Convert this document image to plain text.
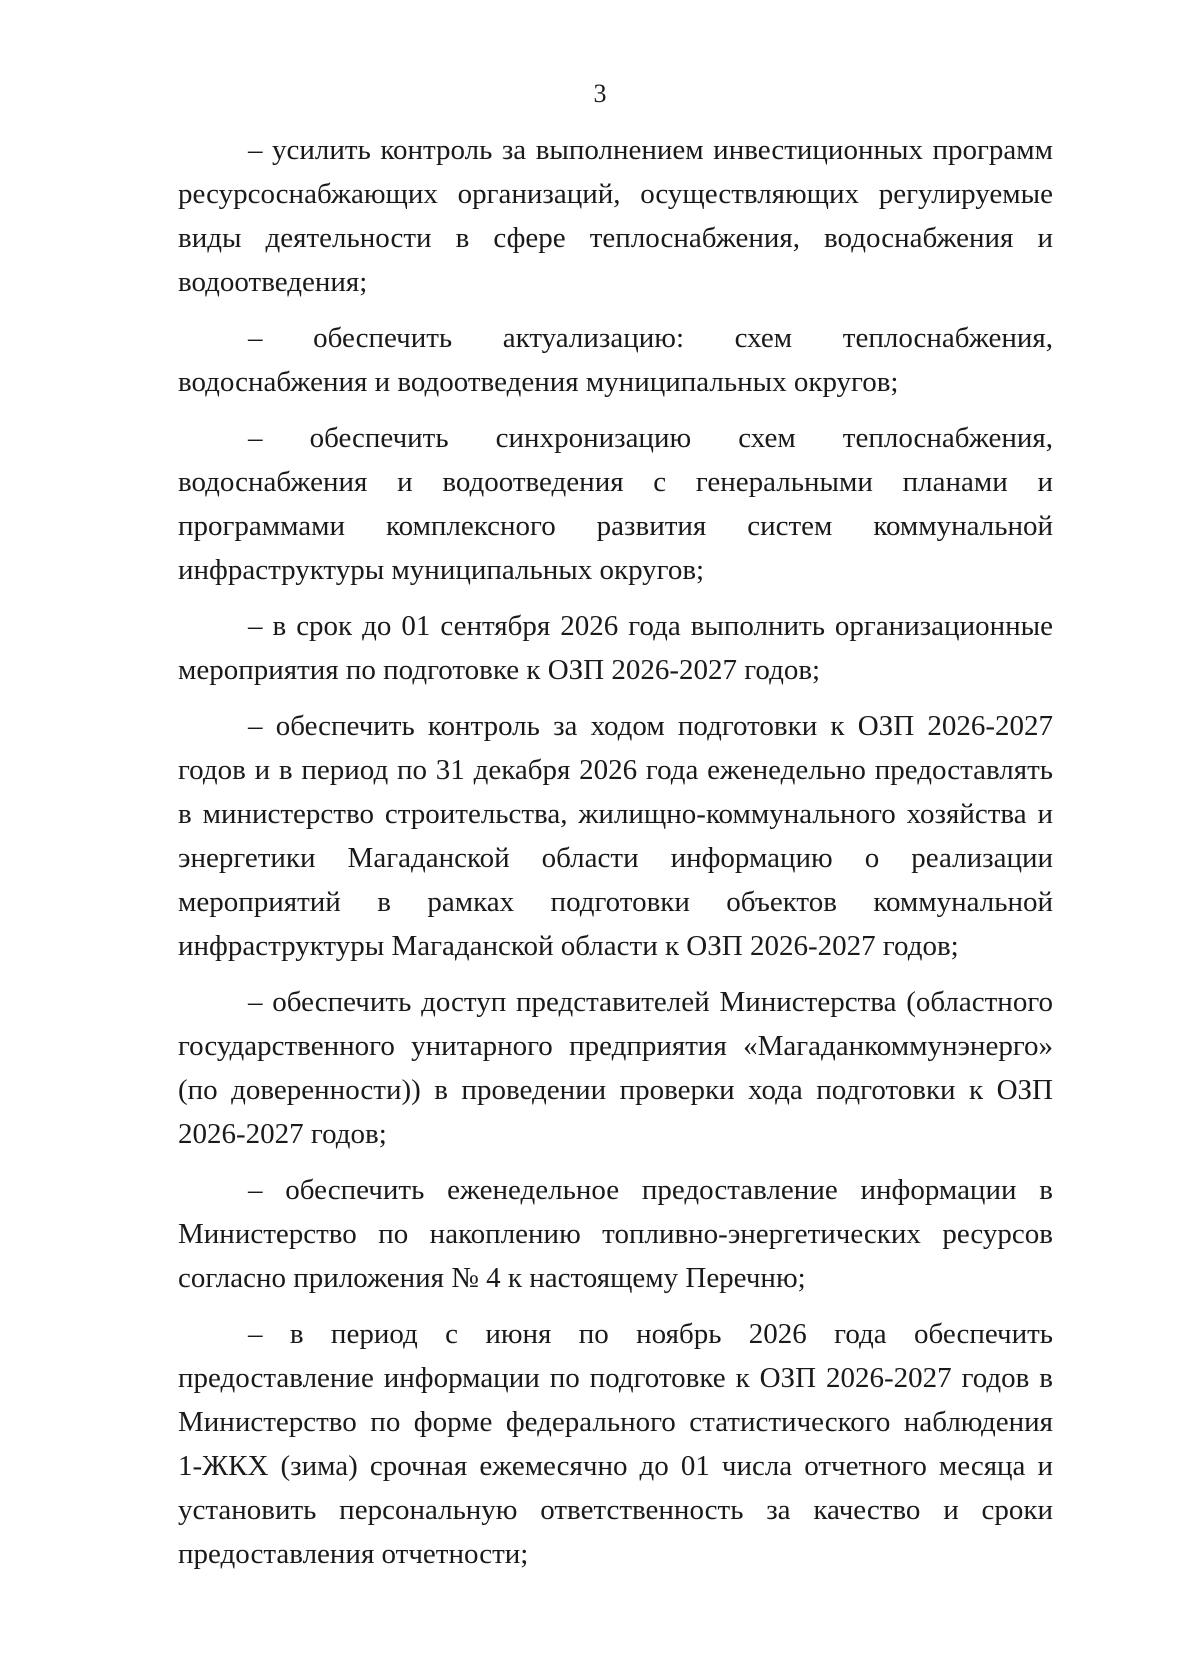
3

– усилить контроль за выполнением инвестиционных программ ресурсоснабжающих организаций, осуществляющих регулируемые виды деятельности в сфере теплоснабжения, водоснабжения и водоотведения;

– обеспечить актуализацию: схем теплоснабжения, водоснабжения и водоотведения муниципальных округов;

– обеспечить синхронизацию схем теплоснабжения, водоснабжения и водоотведения с генеральными планами и программами комплексного развития систем коммунальной инфраструктуры муниципальных округов;

– в срок до 01 сентября 2026 года выполнить организационные мероприятия по подготовке к ОЗП 2026-2027 годов;

– обеспечить контроль за ходом подготовки к ОЗП 2026-2027 годов и в период по 31 декабря 2026 года еженедельно предоставлять в министерство строительства, жилищно-коммунального хозяйства и энергетики Магаданской области информацию о реализации мероприятий в рамках подготовки объектов коммунальной инфраструктуры Магаданской области к ОЗП 2026-2027 годов;

– обеспечить доступ представителей Министерства (областного государственного унитарного предприятия «Магаданкоммунэнерго» (по доверенности)) в проведении проверки хода подготовки к ОЗП 2026-2027 годов;

– обеспечить еженедельное предоставление информации в Министерство по накоплению топливно-энергетических ресурсов согласно приложения № 4 к настоящему Перечню;

– в период с июня по ноябрь 2026 года обеспечить предоставление информации по подготовке к ОЗП 2026-2027 годов в Министерство по форме федерального статистического наблюдения 1-ЖКХ (зима) срочная ежемесячно до 01 числа отчетного месяца и установить персональную ответственность за качество и сроки предоставления отчетности;
